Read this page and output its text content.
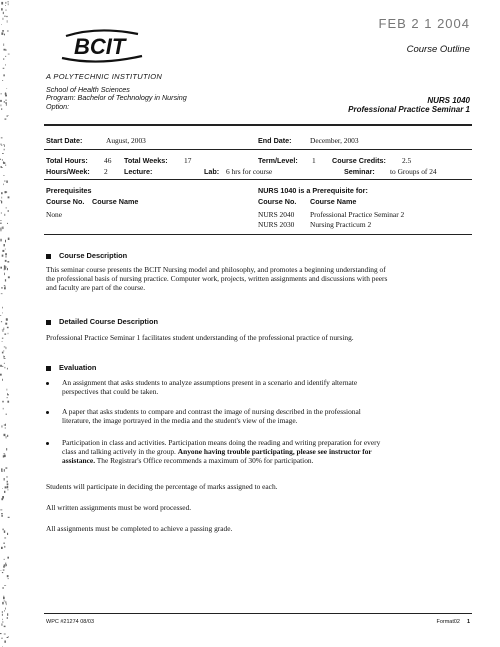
FEB 2 1 2004
BCIT	Course Outline
A POLYTECHNIC INSTITUTION
School of Health Sciences
Program: Bachelor of Technology in Nursing
Option:
NURS 1040
Professional Practice Seminar 1
Start Date:	August, 2003	End Date: December, 2003
Total Hours: 46 Total Weeks: 17	Term/Level: 1 Course Credits: 2.5
Hours/Week: 2 Lecture:	Lab: 6 hrs for course	Seminar: to Groups of 24
Prerequisites	NURS 1040 is a Prerequisite for:
Course No. Course Name	Course No. Course Name
None	NURS 2040 Professional Practice Seminar 2
NURS 2030 Nursing Practicum 2
Course Description
This seminar course presents the BCIT Nursing model and philosophy, and promotes a beginning understanding of
the professional basis of nursing practice. Computer work, projects, written assignments and discussions with peers
and faculty are part of the course.
Detailed Course Description
Professional Practice Seminar 1 facilitates student understanding of the professional practice of nursing.
Evaluation
An assignment that asks students to analyze assumptions present in a scenario and identify alternate
perspectives that could be taken.
A paper that asks students to compare and contrast the image of nursing described in the professional
literature, the image portrayed in the media and the student's view of the image.
Participation in class and activities. Participation means doing the reading and writing preparation for every
class and talking actively in the group. Anyone having trouble participating, please see instructor for
assistance. The Registrar's Office recommends a maximum of 30% for participation.
Students will participate in deciding the percentage of marks assigned to each.
All written assignments must be word processed.
All assignments must be completed to achieve a passing grade.
WPC #21274 08/03	Format02 1
